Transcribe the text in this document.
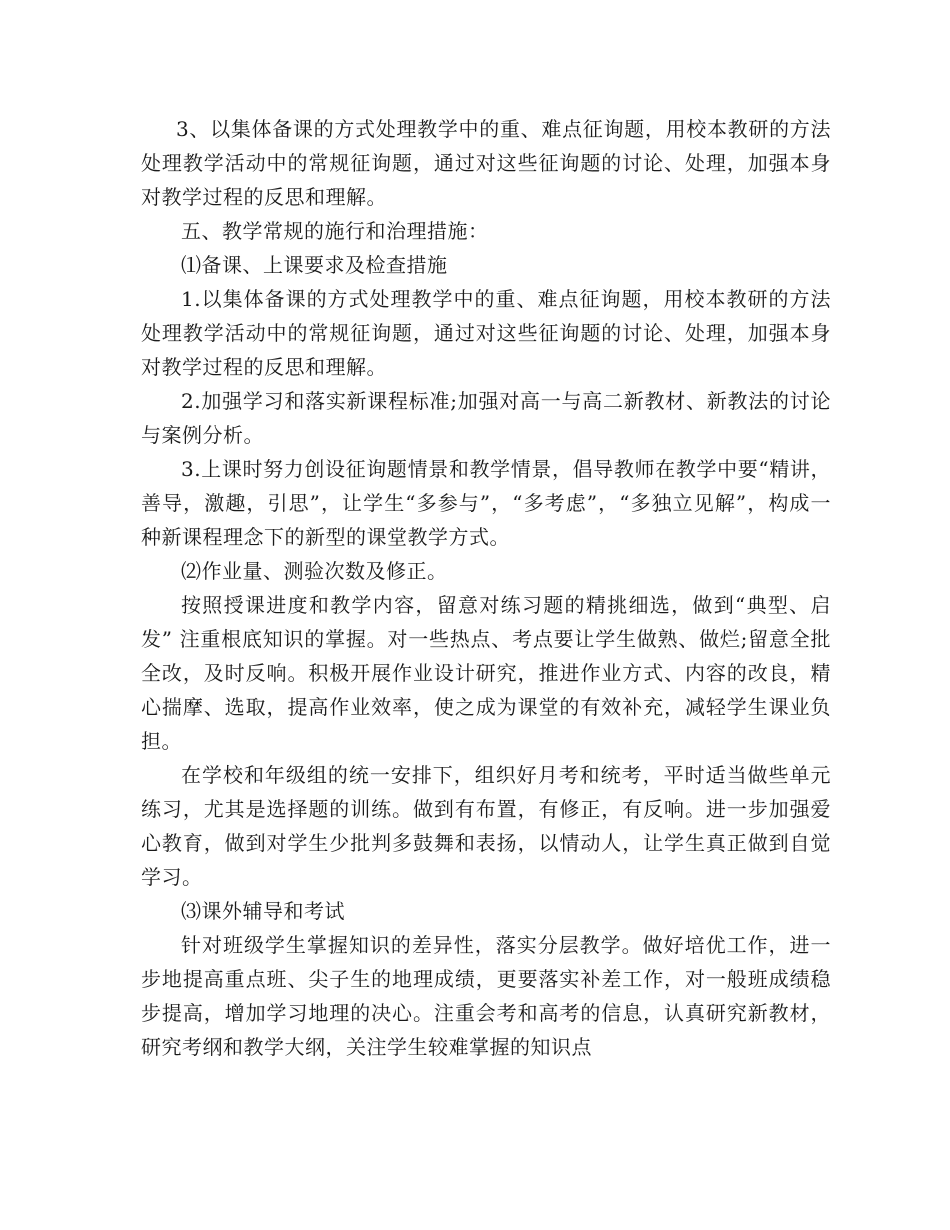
3、以集体备课的方式处理教学中的重、难点征询题，用校本教研的方法处理教学活动中的常规征询题，通过对这些征询题的讨论、处理，加强本身对教学过程的反思和理解。

五、教学常规的施行和治理措施：

⑴备课、上课要求及检查措施

1.以集体备课的方式处理教学中的重、难点征询题，用校本教研的方法处理教学活动中的常规征询题，通过对这些征询题的讨论、处理，加强本身对教学过程的反思和理解。

2.加强学习和落实新课程标准;加强对高一与高二新教材、新教法的讨论与案例分析。

3.上课时努力创设征询题情景和教学情景，倡导教师在教学中要“精讲，善导，激趣，引思”，让学生“多参与”，“多考虑”，“多独立见解”，构成一种新课程理念下的新型的课堂教学方式。

⑵作业量、测验次数及修正。

按照授课进度和教学内容，留意对练习题的精挑细选，做到“典型、启发” 注重根底知识的掌握。对一些热点、考点要让学生做熟、做烂;留意全批全改，及时反响。积极开展作业设计研究，推进作业方式、内容的改良，精心揣摩、选取，提高作业效率，使之成为课堂的有效补充，减轻学生课业负担。

在学校和年级组的统一安排下，组织好月考和统考，平时适当做些单元练习，尤其是选择题的训练。做到有布置，有修正，有反响。进一步加强爱心教育，做到对学生少批判多鼓舞和表扬，以情动人，让学生真正做到自觉学习。

⑶课外辅导和考试

针对班级学生掌握知识的差异性，落实分层教学。做好培优工作，进一步地提高重点班、尖子生的地理成绩，更要落实补差工作，对一般班成绩稳步提高，增加学习地理的决心。注重会考和高考的信息，认真研究新教材，研究考纲和教学大纲，关注学生较难掌握的知识点
